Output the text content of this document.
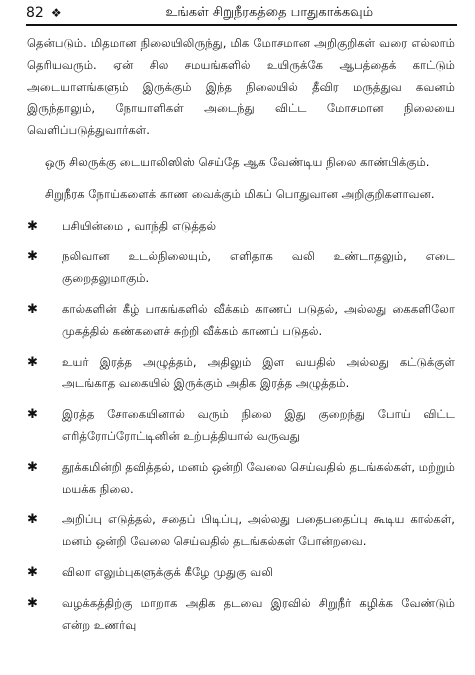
82 ❖	உங்கள் சிறுநீரகத்தை பாதுகாக்கவும்

தென்படும். மிதமான நிலையிலிருந்து, மிக மோசமான அறிகுறிகள் வரை எல்லாம் தெரியவரும். ஏன் சில சமயங்களில் உயிருக்கே ஆபத்தைக் காட்டும் அடையாளங்களும் இருக்கும் இந்த நிலையில் தீவிர மருத்துவ கவனம் இருந்தாலும், நோயாளிகள் அடைந்து விட்ட மோசமான நிலையை வெளிப்படுத்துவார்கள்.

ஒரு சிலருக்கு டையாலிஸிஸ் செய்தே ஆக வேண்டிய நிலை காண்பிக்கும்.

சிறுநீரக நோய்களைக் காண வைக்கும் மிகப் பொதுவான அறிகுறிகளாவன.

✱ பசியின்மை , வாந்தி எடுத்தல்
✱ நலிவான உடல்நிலையும், எளிதாக வலி உண்டாதலும், எடை குறைதலுமாகும்.
✱ கால்களின் கீழ் பாகங்களில் வீக்கம் காணப் படுதல், அல்லது கைகளிலோ முகத்தில் கண்களைச் சுற்றி வீக்கம் காணப் படுதல்.
✱ உயர் இரத்த அழுத்தம், அதிலும் இள வயதில் அல்லது கட்டுக்குள் அடங்காத வகையில் இருக்கும் அதிக இரத்த அழுத்தம்.
✱ இரத்த சோகையினால் வரும் நிலை இது குறைந்து போய் விட்ட எரித்ரோப்ரோட்டினின் உற்பத்தியால் வருவது
✱ தூக்கமின்றி தவித்தல், மனம் ஒன்றி வேலை செய்வதில் தடங்கல்கள், மற்றும் மயக்க நிலை.
✱ அறிப்பு எடுத்தல், சதைப் பிடிப்பு, அல்லது பதைபதைப்பு கூடிய கால்கள், மனம் ஒன்றி வேலை செய்வதில் தடங்கல்கள் போன்றவை.
✱ விலா எலும்புகளுக்குக் கீழே முதுகு வலி
✱ வழக்கத்திற்கு மாறாக அதிக தடவை இரவில் சிறுநீர் கழிக்க வேண்டும் என்ற உணர்வு
